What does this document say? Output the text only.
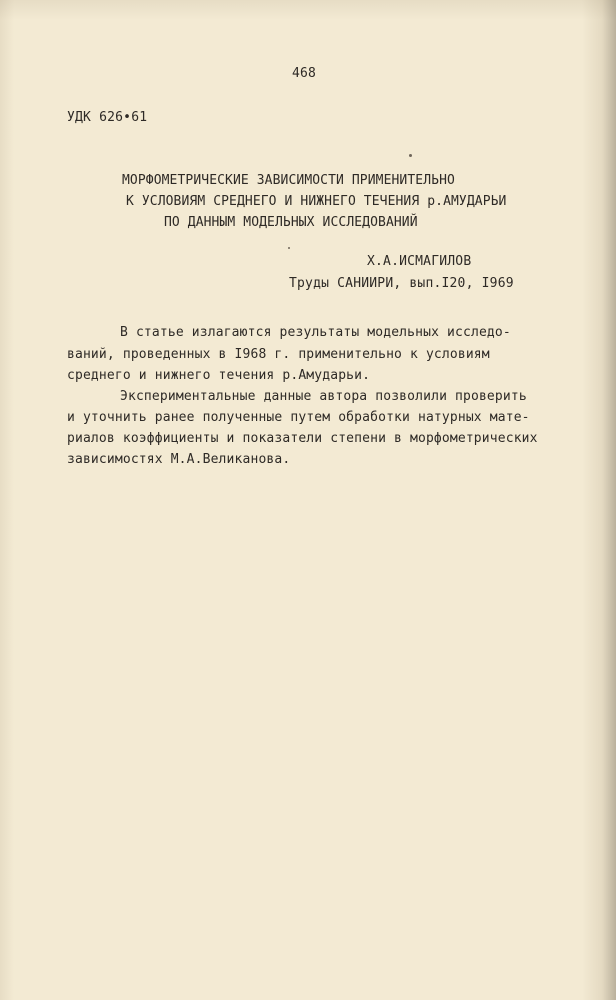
468
УДК 626•61
МОРФОМЕТРИЧЕСКИЕ ЗАВИСИМОСТИ ПРИМЕНИТЕЛЬНО
К УСЛОВИЯМ СРЕДНЕГО И НИЖНЕГО ТЕЧЕНИЯ р.АМУДАРЬИ
ПО ДАННЫМ МОДЕЛЬНЫХ ИССЛЕДОВАНИЙ
Х.А.ИСМАГИЛОВ
Труды САНИИРИ, вып.I20, I969
В статье излагаются результаты модельных исследо-
ваний, проведенных в I968 г. применительно к условиям
среднего и нижнего течения р.Амударьи.
Экспериментальные данные автора позволили проверить
и уточнить ранее полученные путем обработки натурных мате-
риалов коэффициенты и показатели степени в морфометрических
зависимостях М.А.Великанова.
